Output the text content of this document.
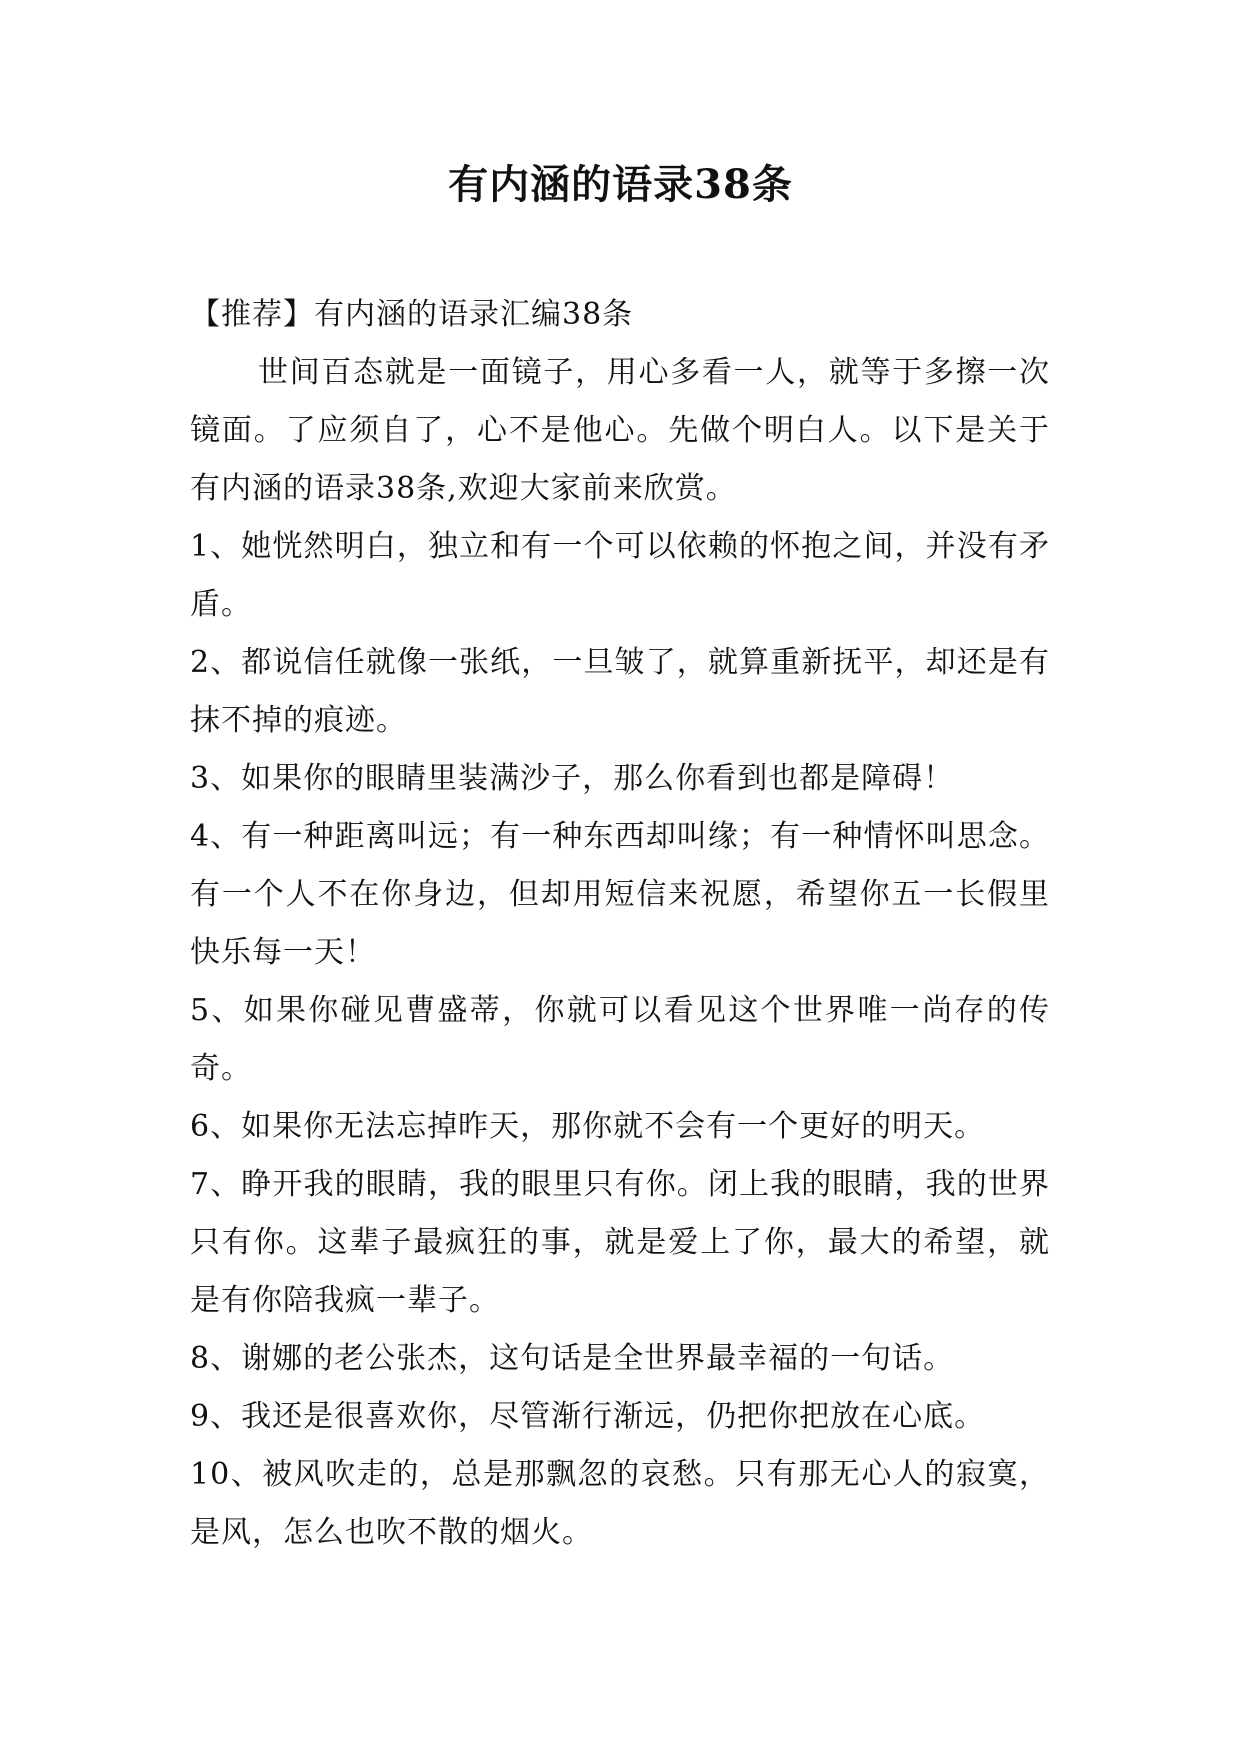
有内涵的语录38条

【推荐】有内涵的语录汇编38条

世间百态就是一面镜子，用心多看一人，就等于多擦一次镜面。了应须自了，心不是他心。先做个明白人。以下是关于有内涵的语录38条,欢迎大家前来欣赏。

1、她恍然明白，独立和有一个可以依赖的怀抱之间，并没有矛盾。

2、都说信任就像一张纸，一旦皱了，就算重新抚平，却还是有抹不掉的痕迹。

3、如果你的眼睛里装满沙子，那么你看到也都是障碍！

4、有一种距离叫远；有一种东西却叫缘；有一种情怀叫思念。有一个人不在你身边，但却用短信来祝愿，希望你五一长假里快乐每一天！

5、如果你碰见曹盛蒂，你就可以看见这个世界唯一尚存的传奇。

6、如果你无法忘掉昨天，那你就不会有一个更好的明天。

7、睁开我的眼睛，我的眼里只有你。闭上我的眼睛，我的世界只有你。这辈子最疯狂的事，就是爱上了你，最大的希望，就是有你陪我疯一辈子。

8、谢娜的老公张杰，这句话是全世界最幸福的一句话。

9、我还是很喜欢你，尽管渐行渐远，仍把你把放在心底。

10、被风吹走的，总是那飘忽的哀愁。只有那无心人的寂寞，是风，怎么也吹不散的烟火。
